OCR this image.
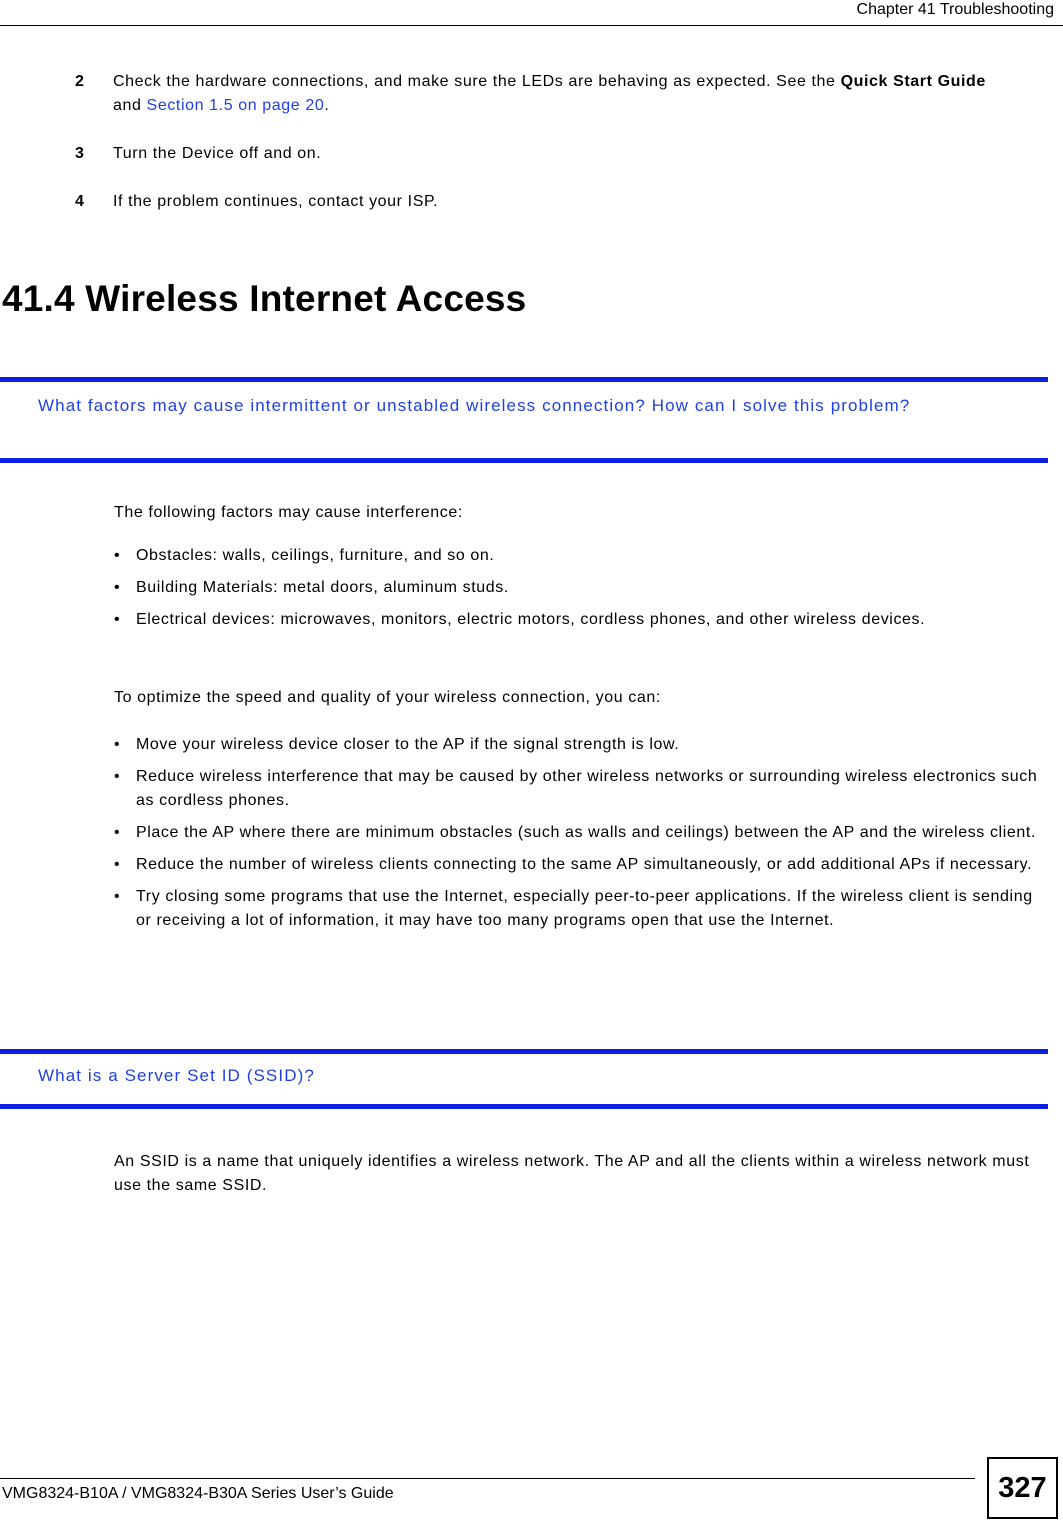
Chapter 41 Troubleshooting
2 Check the hardware connections, and make sure the LEDs are behaving as expected. See the Quick Start Guide and Section 1.5 on page 20.
3 Turn the Device off and on.
4 If the problem continues, contact your ISP.
41.4 Wireless Internet Access
What factors may cause intermittent or unstabled wireless connection? How can I solve this problem?
The following factors may cause interference:
• Obstacles: walls, ceilings, furniture, and so on.
• Building Materials: metal doors, aluminum studs.
• Electrical devices: microwaves, monitors, electric motors, cordless phones, and other wireless devices.
To optimize the speed and quality of your wireless connection, you can:
• Move your wireless device closer to the AP if the signal strength is low.
• Reduce wireless interference that may be caused by other wireless networks or surrounding wireless electronics such as cordless phones.
• Place the AP where there are minimum obstacles (such as walls and ceilings) between the AP and the wireless client.
• Reduce the number of wireless clients connecting to the same AP simultaneously, or add additional APs if necessary.
• Try closing some programs that use the Internet, especially peer-to-peer applications. If the wireless client is sending or receiving a lot of information, it may have too many programs open that use the Internet.
What is a Server Set ID (SSID)?
An SSID is a name that uniquely identifies a wireless network. The AP and all the clients within a wireless network must use the same SSID.
VMG8324-B10A / VMG8324-B30A Series User’s Guide	327
